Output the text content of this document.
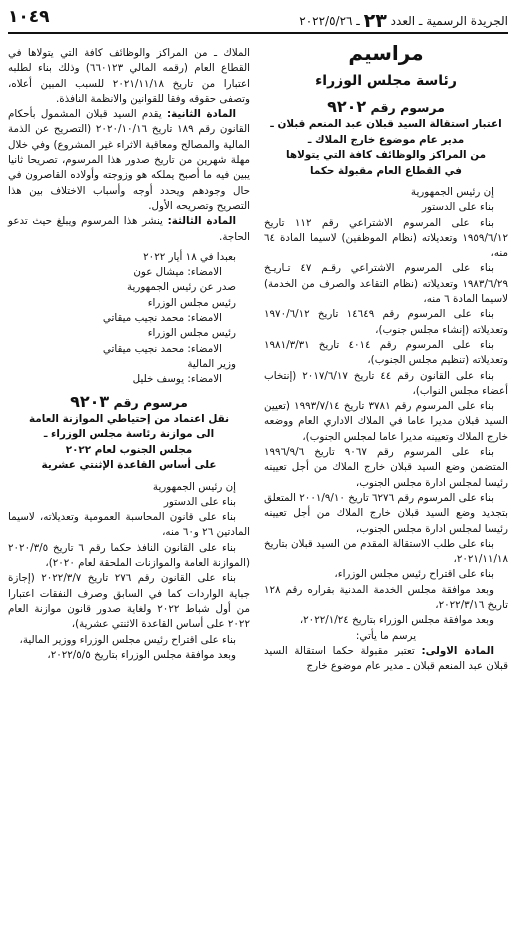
الجريدة الرسمية ـ العدد ٢٣ ـ ٢٠٢٢/٥/٢٦
١٠٤٩
مراسيم
رئاسة مجلس الوزراء
مرسوم رقم ٩٢٠٢
اعتبار استقالة السيد قبلان عبد المنعم قبلان ـ
مدير عام موضوع خارج الملاك ـ
من المراكز والوظائف كافة التي يتولاها
في القطاع العام مقبولة حكما

إن رئيس الجمهورية

بناء على الدستور

بناء على المرسوم الاشتراعي رقم ١١٢ تاريخ ١٩٥٩/٦/١٢ وتعديلاته (نظام الموظفين) لاسيما المادة ٦٤ منه،

بناء على المرسوم الاشتراعي رقـم ٤٧ تـاريـخ ١٩٨٣/٦/٢٩ وتعديلاته (نظام التقاعد والصرف من الخدمة) لاسيما المادة ٦ منه،

بناء على المرسوم رقم ١٤٦٤٩ تاريخ ١٩٧٠/٦/١٢ وتعديلاته (إنشاء مجلس جنوب)،

بناء على المرسوم رقم ٤٠١٤ تاريخ ١٩٨١/٣/٣١ وتعديلاته (تنظيم مجلس الجنوب)،

بناء على القانون رقم ٤٤ تاريخ ٢٠١٧/٦/١٧ (إنتخاب أعضاء مجلس النواب)،

بناء على المرسوم رقم ٣٧٨١ تاريخ ١٩٩٣/٧/١٤ (تعيين السيد قبلان مديرا عاما في الملاك الاداري العام ووضعه خارج الملاك وتعيينه مديرا عاما لمجلس الجنوب)،

بناء على المرسوم رقم ٩٠٦٧ تاريخ ١٩٩٦/٩/٦ المتضمن وضع السيد قبلان خارج الملاك من أجل تعيينه رئيسا لمجلس ادارة مجلس الجنوب،

بناء على المرسوم رقم ٦٢٧٦ تاريخ ٢٠٠١/٩/١٠ المتعلق بتجديد وضع السيد قبلان خارج الملاك من أجل تعيينه رئيسا لمجلس ادارة مجلس الجنوب،

بناء على طلب الاستقالة المقدم من السيد قبلان بتاريخ ٢٠٢١/١١/١٨،

بناء على اقتراح رئيس مجلس الوزراء،

وبعد موافقة مجلس الخدمة المدنية بقراره رقم ١٢٨ تاريخ ٢٠٢٢/٣/١٦،

وبعد موافقة مجلس الوزراء بتاريخ ٢٠٢٢/١/٢٤،

يرسم ما يأتي:

المادة الاولى: تعتبر مقبولة حكما استقالة السيد قبلان عبد المنعم قبلان ـ مدير عام موضوع خارج

الملاك ـ من المراكز والوظائف كافة التي يتولاها في القطاع العام (رقمه المالي ٦٦٠١٢٣) وذلك بناء لطلبه اعتبارا من تاريخ ٢٠٢١/١١/١٨ للسبب المبين أعلاه، وتصفى حقوقه وفقا للقوانين والانظمة النافذة.

المادة الثانية: يقدم السيد قبلان المشمول بأحكام القانون رقم ١٨٩ تاريخ ٢٠٢٠/١٠/١٦ (التصريح عن الذمة المالية والمصالح ومعاقبة الاثراء غير المشروع) وفي خلال مهلة شهرين من تاريخ صدور هذا المرسوم، تصريحا ثانيا يبين فيه ما أصبح يملكه هو وزوجته وأولاده القاصرون في حال وجودهم ويحدد أوجه وأسباب الاختلاف بين هذا التصريح وتصريحه الأول.

المادة الثالثة: ينشر هذا المرسوم ويبلغ حيث تدعو الحاجة.

بعبدا في ١٨ أيار ٢٠٢٢

الامضاء: ميشال عون

صدر عن رئيس الجمهورية

رئيس مجلس الوزراء

الامضاء: محمد نجيب ميقاتي

رئيس مجلس الوزراء

الامضاء: محمد نجيب ميقاتي

وزير المالية

الامضاء: يوسف خليل

مرسوم رقم ٩٢٠٣
نقل اعتماد من إحتياطي الموازنة العامة
الى موازنة رئاسة مجلس الوزراء ـ
مجلس الجنوب لعام ٢٠٢٢
على أساس القاعدة الإثنتي عشرية

إن رئيس الجمهورية

بناء على الدستور

بناء على قانون المحاسبة العمومية وتعديلاته، لاسيما المادتين ٢٦ و٦٠ منه،

بناء على القانون النافذ حكما رقم ٦ تاريخ ٢٠٢٠/٣/٥ (الموازنة العامة والموازنات الملحقة لعام ٢٠٢٠)،

بناء على القانون رقم ٢٧٦ تاريخ ٢٠٢٢/٣/٧ (إجازة جباية الواردات كما في السابق وصرف النفقات اعتبارا من أول شباط ٢٠٢٢ ولغاية صدور قانون موازنة العام ٢٠٢٢ على أساس القاعدة الاثنتي عشرية)،

بناء على اقتراح رئيس مجلس الوزراء ووزير المالية،

وبعد موافقة مجلس الوزراء بتاريخ ٢٠٢٢/٥/٥،
